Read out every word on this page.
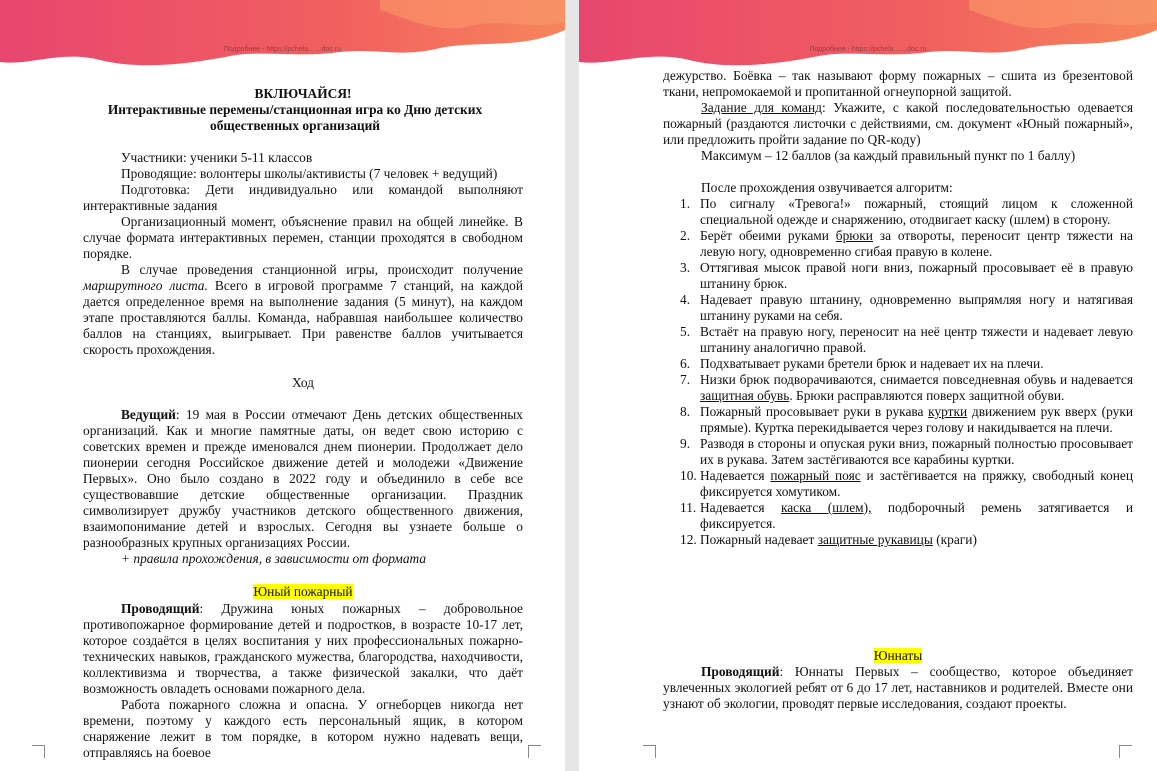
Подробнее - https://pchela... ...doc.ru
ВКЛЮЧАЙСЯ!
Интерактивные перемены/станционная игра ко Дню детских общественных организаций

Участники: ученики 5-11 классов

Проводящие: волонтеры школы/активисты (7 человек + ведущий)

Подготовка: Дети индивидуально или командой выполняют интерактивные задания

Организационный момент, объяснение правил на общей линейке. В случае формата интерактивных перемен, станции проходятся в свободном порядке.

В случае проведения станционной игры, происходит получение маршрутного листа. Всего в игровой программе 7 станций, на каждой дается определенное время на выполнение задания (5 минут), на каждом этапе проставляются баллы. Команда, набравшая наибольшее количество баллов на станциях, выигрывает. При равенстве баллов учитывается скорость прохождения.

Ход

Ведущий: 19 мая в России отмечают День детских общественных организаций. Как и многие памятные даты, он ведет свою историю с советских времен и прежде именовался днем пионерии. Продолжает дело пионерии сегодня Российское движение детей и молодежи «Движение Первых». Оно было создано в 2022 году и объединило в себе все существовавшие детские общественные организации. Праздник символизирует дружбу участников детского общественного движения, взаимопонимание детей и взрослых. Сегодня вы узнаете больше о разнообразных крупных организациях России.

+ правила прохождения, в зависимости от формата

Юный пожарный

Проводящий: Дружина юных пожарных – добровольное противопожарное формирование детей и подростков, в возрасте 10-17 лет, которое создаётся в целях воспитания у них профессиональных пожарно-технических навыков, гражданского мужества, благородства, находчивости, коллективизма и творчества, а также физической закалки, что даёт возможность овладеть основами пожарного дела.

Работа пожарного сложна и опасна. У огнеборцев никогда нет времени, поэтому у каждого есть персональный ящик, в котором снаряжение лежит в том порядке, в котором нужно надевать вещи, отправляясь на боевое

Подробнее - https://pchela... ...doc.ru

дежурство. Боёвка – так называют форму пожарных – сшита из брезентовой ткани, непромокаемой и пропитанной огнеупорной защитой.

Задание для команд: Укажите, с какой последовательностью одевается пожарный (раздаются листочки с действиями, см. документ «Юный пожарный», или предложить пройти задание по QR-коду)

Максимум – 12 баллов (за каждый правильный пункт по 1 баллу)

После прохождения озвучивается алгоритм:

1. По сигналу «Тревога!» пожарный, стоящий лицом к сложенной специальной одежде и снаряжению, отодвигает каску (шлем) в сторону.
2. Берёт обеими руками брюки за отвороты, переносит центр тяжести на левую ногу, одновременно сгибая правую в колене.
3. Оттягивая мысок правой ноги вниз, пожарный просовывает её в правую штанину брюк.
4. Надевает правую штанину, одновременно выпрямляя ногу и натягивая штанину руками на себя.
5. Встаёт на правую ногу, переносит на неё центр тяжести и надевает левую штанину аналогично правой.
6. Подхватывает руками бретели брюк и надевает их на плечи.
7. Низки брюк подворачиваются, снимается повседневная обувь и надевается защитная обувь. Брюки расправляются поверх защитной обуви.
8. Пожарный просовывает руки в рукава куртки движением рук вверх (руки прямые). Куртка перекидывается через голову и накидывается на плечи.
9. Разводя в стороны и опуская руки вниз, пожарный полностью просовывает их в рукава. Затем застёгиваются все карабины куртки.
10. Надевается пожарный пояс и застёгивается на пряжку, свободный конец фиксируется хомутиком.
11. Надевается каска (шлем), подборочный ремень затягивается и фиксируется.
12. Пожарный надевает защитные рукавицы (краги)
Юннаты

Проводящий: Юннаты Первых – сообщество, которое объединяет увлеченных экологией ребят от 6 до 17 лет, наставников и родителей. Вместе они узнают об экологии, проводят первые исследования, создают проекты.
